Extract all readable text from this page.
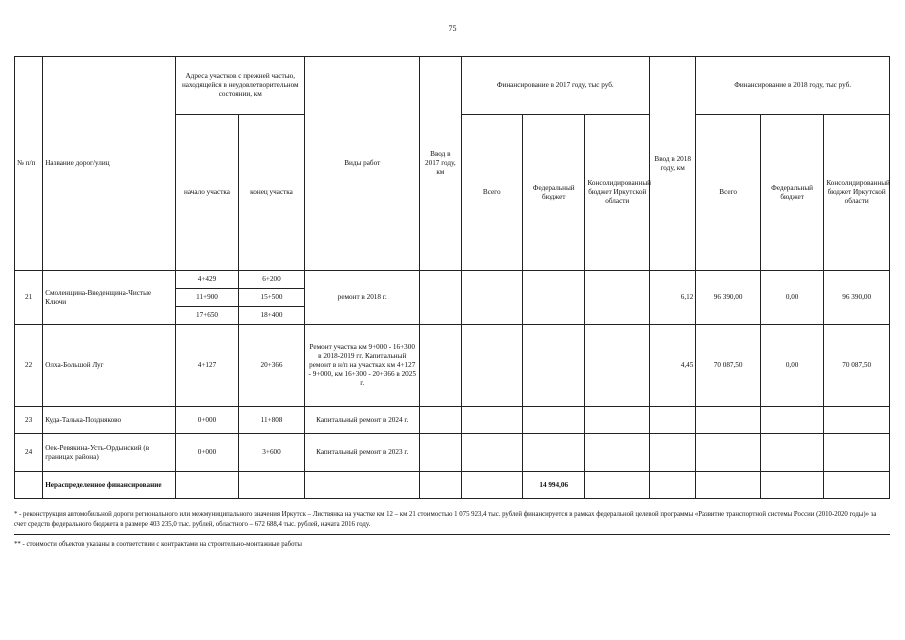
75
№ п/п	Название дорог/улиц	Адреса участков с прежней частью, находящейся в неудовлетворительном состоянии, км		Виды работ	Ввод в 2017 году, км	Финансирование в 2017 году, тыс руб.			Ввод в 2018 году, км	Финансирование в 2018 году, тыс руб.		
		начало участка	конец участка			Всего	Федеральный бюджет	Консолидированный бюджет Иркутской области		Всего	Федеральный бюджет	Консолидированный бюджет Иркутской области
21	Смоленщина-Введенщина-Чистые Ключи	4+429	6+200	ремонт в 2018 г.					6,12	96 390,00	0,00	96 390,00
		11+900	15+500									
		17+650	18+400									
22	Олха-Большой Луг	4+127	20+366	Ремонт участка км 9+000 - 16+300 в 2018-2019 гг. Капитальный ремонт в н/п на участках км 4+127 - 9+000, км 16+300 - 20+366 в 2025 г.					4,45	70 087,50	0,00	70 087,50
23	Куда-Талька-Поздняково	0+000	11+808	Капитальный ремонт в 2024 г.								
24	Оек-Ревякина-Усть-Ордынский (в границах района)	0+000	3+600	Капитальный ремонт в 2023 г.								
	Нераспределенное финансирование						14 994,06					
* - реконструкция автомобильной дороги регионального или межмуниципального значения Иркутск – Листвянка на участке км 12 – км 21 стоимостью 1 075 923,4 тыс. рублей финансируется в рамках федеральной целевой программы «Развитие транспортной системы России (2010-2020 годы)» за счет средств федерального бюджета в размере 403 235,0 тыс. рублей, областного – 672 688,4 тыс. рублей, начата 2016 году.
** - стоимости объектов указаны в соответствии с контрактами на строительно-монтажные работы
